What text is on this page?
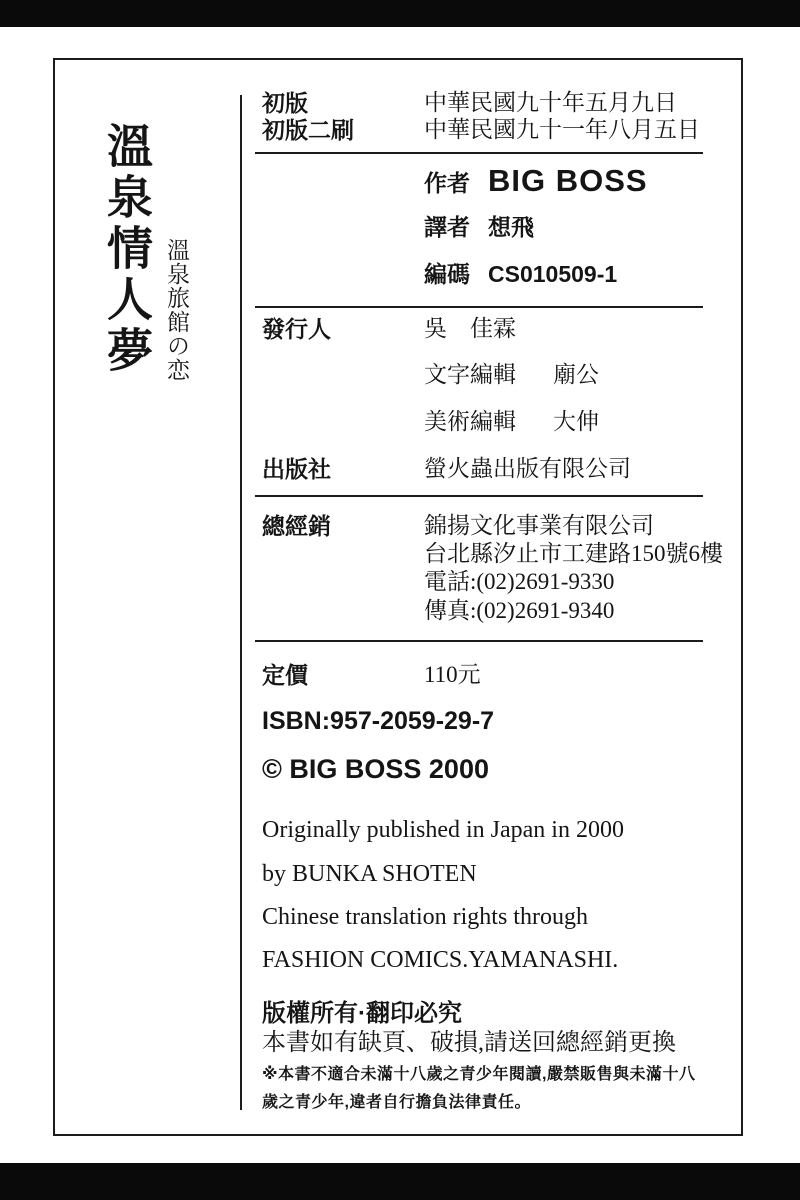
溫泉情人夢 溫泉旅館の恋
初版	中華民國九十年五月九日
初版二刷	中華民國九十一年八月五日
作者 BIG BOSS
譯者 想飛
編碼 CS010509-1
發行人	吳　佳霖
文字編輯 廟公
美術編輯 大伸
出版社	螢火蟲出版有限公司
總經銷	錦揚文化事業有限公司
台北縣汐止市工建路150號6樓
電話:(02)2691-9330
傳真:(02)2691-9340
定價	110元
ISBN:957-2059-29-7
© BIG BOSS 2000
Originally published in Japan in 2000
by BUNKA SHOTEN
Chinese translation rights through
FASHION COMICS.YAMANASHI.
版權所有·翻印必究
本書如有缺頁、破損,請送回總經銷更換
※本書不適合未滿十八歲之青少年閱讀,嚴禁販售與未滿十八
歲之青少年,違者自行擔負法律責任。
